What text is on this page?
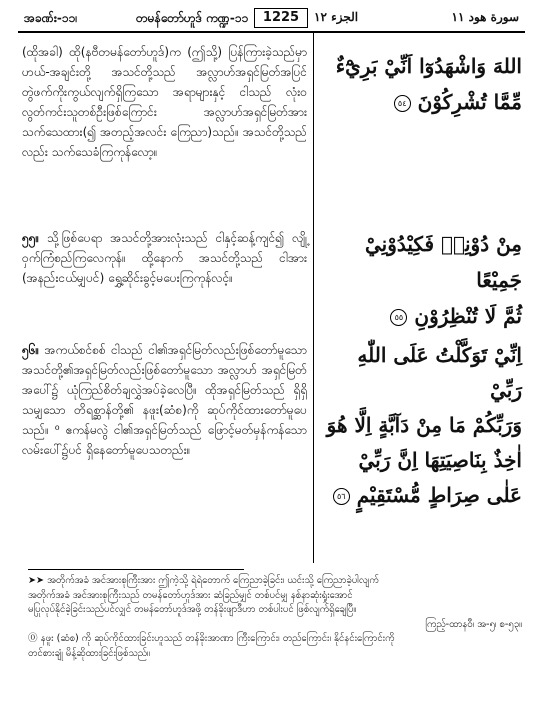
အခဏ်း-၁၁၊	တမန်တော်ဟူဒ် ကဏ္ဍ-၁၁	1225	الجزء ١٢	سورة هود ١١
(ထိုအခါ) ထို(နဗီတမန်တော်ဟူဒ်)က (ဤသို့) ပြန်ကြားခဲ့သည်မှာ ဟယ်-အချင်းတို့ အသင်တို့သည် အလ္လာဟ်အရှင်မြတ်အပြင် တွဲဖက်ကိုးကွယ်လျက်ရှိကြသော အရာများနှင့် ငါသည် လုံးဝလွတ်ကင်းသူတစ်ဦးဖြစ်ကြောင်း အလ္လာဟ်အရှင်မြတ်အား သက်သေထား(၍ အတည့်အလင်း ကြေညာ)သည်။ အသင်တို့သည်လည်း သက်သေခံကြကုန်လော့။
اللهَ وَاشْهَدُوٓا اَنِّيْ بَرِيْٓءٌ
مِّمَّا تُشْرِكُوْنَ ٥٤
၅၅။ သို့ဖြစ်ပေရာ အသင်တို့အားလုံးသည် ငါနှင့်ဆန့်ကျင်၍ လျို့ဝှက်ကြံစည်ကြလေကုန်။ ထို့နောက် အသင်တို့သည် ငါအား (အနည်းငယ်မျှပင်) ရွှေ့ဆိုင်းခွင့်မပေးကြကုန်လင့်။
مِنْ دُوْنِهٖ فَكِيْدُوْنِيْ جَمِيْعًا
ثُمَّ لَا تُنْظِرُوْنِ ٥٥
၅၆။ အကယ်စင်စစ် ငါသည် ငါ၏အရှင်မြတ်လည်းဖြစ်တော်မူသော အသင်တို့၏အရှင်မြတ်လည်းဖြစ်တော်မူသော အလ္လာဟ် အရှင်မြတ်အပေါ်၌ ယုံကြည်စိတ်ချလွှဲအပ်ခဲ့လေပြီ။ ထိုအရှင်မြတ်သည် ရှိရှိသမျှသော တိရစ္ဆာန်တို့၏ နဖူး(ဆံစ)ကို ဆုပ်ကိုင်ထားတော်မူပေသည်။ ⁰ ဧကန်မလွဲ ငါ၏အရှင်မြတ်သည် ဖြောင့်မတ်မှန်ကန်သောလမ်းပေါ်၌ပင် ရှိနေတော်မူပေသတည်း။
اِنِّيْ تَوَكَّلْتُ عَلَى اللّٰهِ رَبِّيْ
وَرَبِّكُمْ مَا مِنْ دَآبَّةٍ اِلَّا هُوَ
اٰخِذٌ بِنَاصِيَتِهَا اِنَّ رَبِّيْ
عَلٰى صِرَاطٍ مُّسْتَقِيْمٍ ٥٦

➤➤ အတိုက်အခံ အင်အားစုကြီးအား ဤကဲ့သို့ ရဲရဲတောက် ကြေညာခဲ့ခြင်း၊ ယင်းသို့ ကြေညာခဲ့ပါလျက်

အတိုက်အခံ အင်အားစုကြီးသည် တမန်တော်ဟူဒ်အား ဆံခြည်မျှင် တစ်ပင်မျှ နစ်နာဆုံးရှုံးအောင်

မပြုလုပ်နိုင်ခဲ့ခြင်းသည်ပင်လျှင် တမန်တော်ဟူဒ်အဖို့ တန်ခိုးဖျာဒီဟာ တစ်ပါးပင် ဖြစ်လျက်ရှိချေပြီ။

ကြည့်-ထာနဝီ၊ အ-၅၊ စ-၅၃။

⓪ နဖူး (ဆံစ) ကို ဆုပ်ကိုင်ထားခြင်းဟူသည် တန်ခိုးအာဏာ ကြီးကြောင်း၊ တည်ကြောင်း၊ နိုင်နင်းကြောင်းကို

တင်စားချုံ မိန့်ဆိုထားခြင်းဖြစ်သည်။
